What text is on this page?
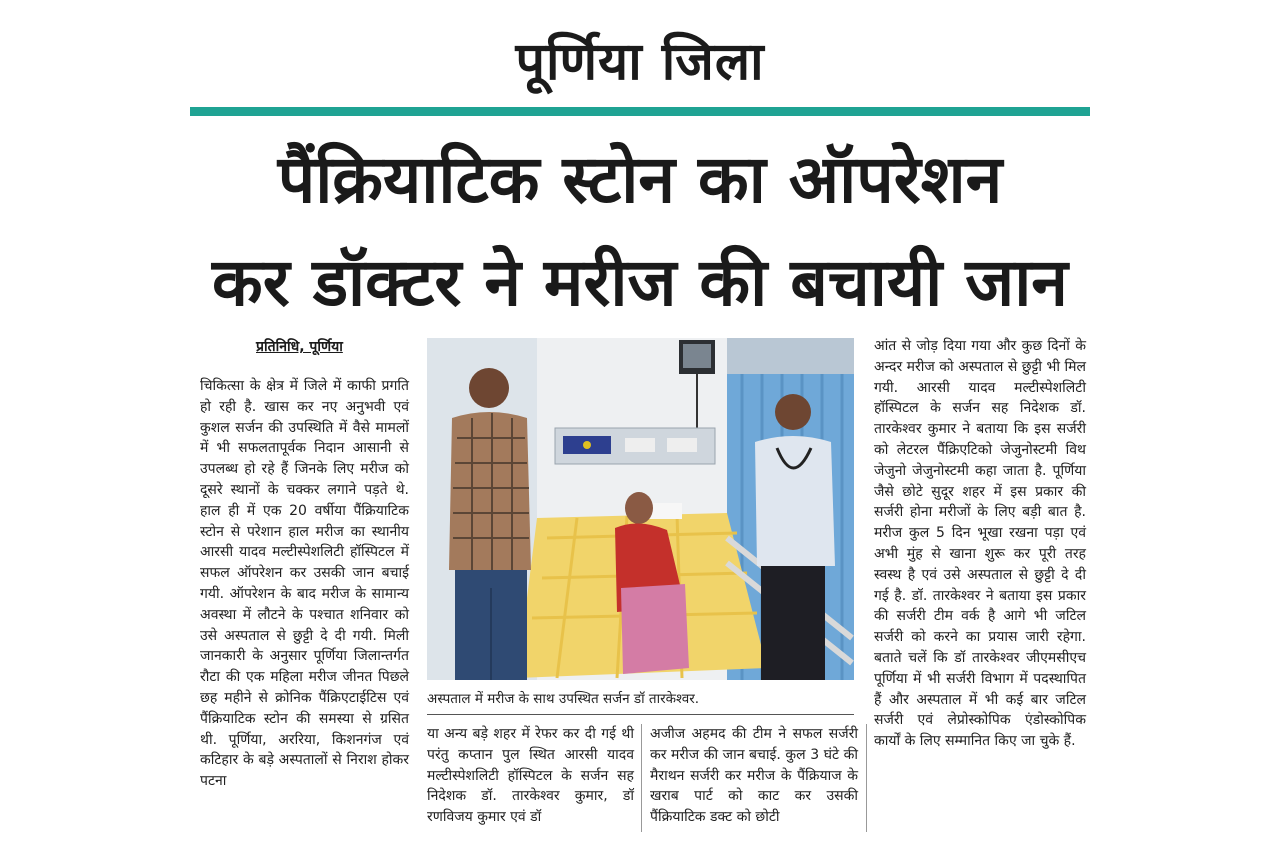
पूर्णिया जिला
पैंक्रियाटिक स्टोन का ऑपरेशन
कर डॉक्टर ने मरीज की बचायी जान
प्रतिनिधि, पूर्णिया
चिकित्सा के क्षेत्र में जिले में काफी प्रगति हो रही है. खास कर नए अनुभवी एवं कुशल सर्जन की उपस्थिति में वैसे मामलों में भी सफलतापूर्वक निदान आसानी से उपलब्ध हो रहे हैं जिनके लिए मरीज को दूसरे स्थानों के चक्कर लगाने पड़ते थे. हाल ही में एक 20 वर्षीया पैंक्रियाटिक स्टोन से परेशान हाल मरीज का स्थानीय आरसी यादव मल्टीस्पेशलिटी हॉस्पिटल में सफल ऑपरेशन कर उसकी जान बचाई गयी. ऑपरेशन के बाद मरीज के सामान्य अवस्था में लौटने के पश्चात शनिवार को उसे अस्पताल से छुट्टी दे दी गयी. मिली जानकारी के अनुसार पूर्णिया जिलान्तर्गत रौटा की एक महिला मरीज जीनत पिछले छह महीने से क्रोनिक पैंक्रिएटाईटिस एवं पैंक्रियाटिक स्टोन की समस्या से ग्रसित थी. पूर्णिया, अररिया, किशनगंज एवं कटिहार के बड़े अस्पतालों से निराश होकर पटना
अस्पताल में मरीज के साथ उपस्थित सर्जन डॉ तारकेश्वर.
या अन्य बड़े शहर में रेफर कर दी गई थी परंतु कप्तान पुल स्थित आरसी यादव मल्टीस्पेशलिटी हॉस्पिटल के सर्जन सह निदेशक डॉ. तारकेश्वर कुमार, डॉ रणविजय कुमार एवं डॉ
अजीज अहमद की टीम ने सफल सर्जरी कर मरीज की जान बचाई. कुल 3 घंटे की मैराथन सर्जरी कर मरीज के पैंक्रियाज के खराब पार्ट को काट कर उसकी पैंक्रियाटिक डक्ट को छोटी
आंत से जोड़ दिया गया और कुछ दिनों के अन्दर मरीज को अस्पताल से छुट्टी भी मिल गयी. आरसी यादव मल्टीस्पेशलिटी हॉस्पिटल के सर्जन सह निदेशक डॉ. तारकेश्वर कुमार ने बताया कि इस सर्जरी को लेटरल पैंक्रिएटिको जेजुनोस्टमी विथ जेजुनो जेजुनोस्टमी कहा जाता है. पूर्णिया जैसे छोटे सुदूर शहर में इस प्रकार की सर्जरी होना मरीजों के लिए बड़ी बात है. मरीज कुल 5 दिन भूखा रखना पड़ा एवं अभी मुंह से खाना शुरू कर पूरी तरह स्वस्थ है एवं उसे अस्पताल से छुट्टी दे दी गई है. डॉ. तारकेश्वर ने बताया इस प्रकार की सर्जरी टीम वर्क है आगे भी जटिल सर्जरी को करने का प्रयास जारी रहेगा. बताते चलें कि डॉ तारकेश्वर जीएमसीएच पूर्णिया में भी सर्जरी विभाग में पदस्थापित हैं और अस्पताल में भी कई बार जटिल सर्जरी एवं लेप्रोस्कोपिक एंडोस्कोपिक कार्यों के लिए सम्मानित किए जा चुके हैं.
